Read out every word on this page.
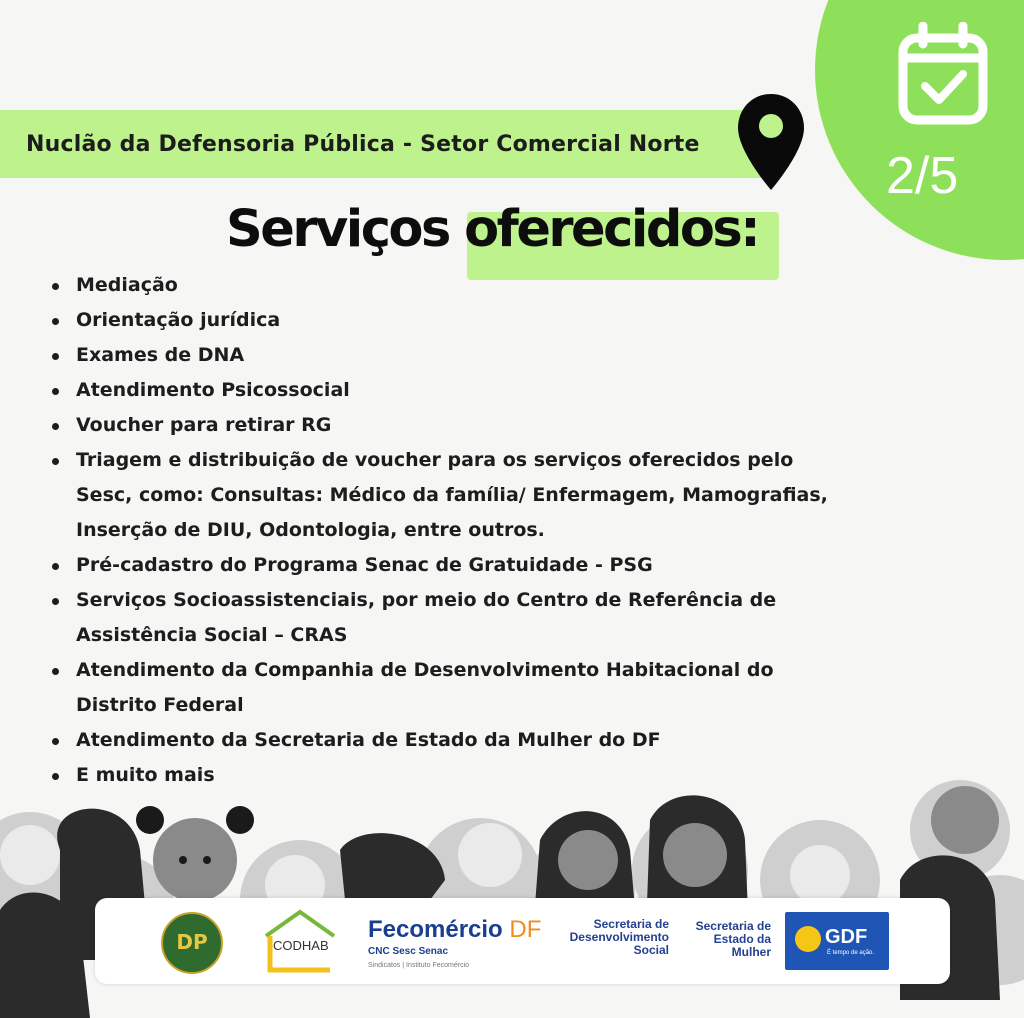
2/5
Nuclão da Defensoria Pública - Setor Comercial Norte
Serviços oferecidos:
Mediação
Orientação jurídica
Exames de DNA
Atendimento Psicossocial
Voucher para retirar RG
Triagem e distribuição de voucher para os serviços oferecidos pelo Sesc, como: Consultas: Médico da família/ Enfermagem, Mamografias, Inserção de DIU, Odontologia, entre outros.
Pré-cadastro do Programa Senac de Gratuidade - PSG
Serviços Socioassistenciais, por meio do Centro de Referência de Assistência Social – CRAS
Atendimento da Companhia de Desenvolvimento Habitacional do Distrito Federal
Atendimento da Secretaria de Estado da Mulher do DF
E muito mais
DP	CODHAB
Fecomércio DF
CNC Sesc Senac
Sindicatos | Instituto Fecomércio
Secretaria de Desenvolvimento Social
Secretaria de Estado da Mulher
GDF
É tempo de ação.
